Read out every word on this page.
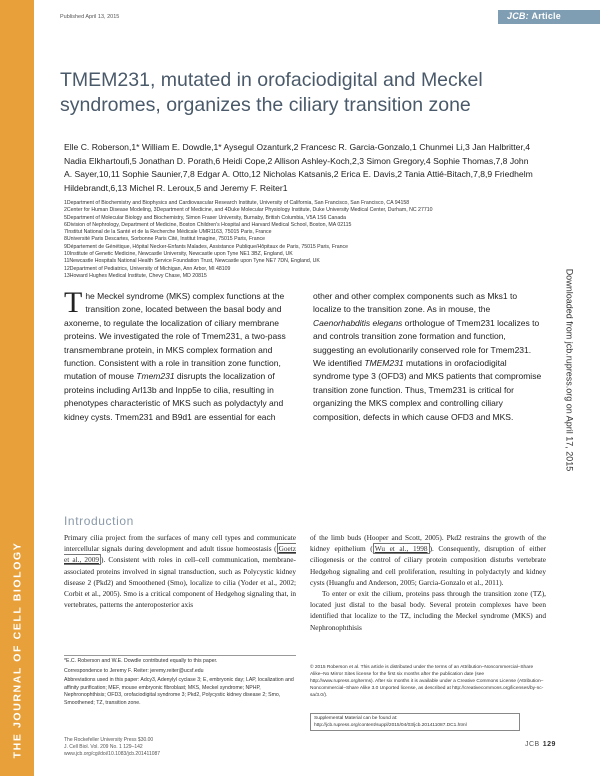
Published April 13, 2015	JCB: Article
THE JOURNAL OF CELL BIOLOGY
TMEM231, mutated in orofaciodigital and Meckel syndromes, organizes the ciliary transition zone
Elle C. Roberson,1* William E. Dowdle,1* Aysegul Ozanturk,2 Francesc R. Garcia-Gonzalo,1 Chunmei Li,3 Jan Halbritter,4 Nadia Elkhartoufi,5 Jonathan D. Porath,6 Heidi Cope,2 Allison Ashley-Koch,2,3 Simon Gregory,4 Sophie Thomas,7,8 John A. Sayer,10,11 Sophie Saunier,7,8 Edgar A. Otto,12 Nicholas Katsanis,2 Erica E. Davis,2 Tania Attié-Bitach,7,8,9 Friedhelm Hildebrandt,6,13 Michel R. Leroux,5 and Jeremy F. Reiter1
1Department of Biochemistry and Biophysics and Cardiovascular Research Institute, University of California, San Francisco, San Francisco, CA 94158
2Center for Human Disease Modeling, 3Department of Medicine, and 4Duke Molecular Physiology Institute, Duke University Medical Center, Durham, NC 27710
5Department of Molecular Biology and Biochemistry, Simon Fraser University, Burnaby, British Columbia, V5A 1S6 Canada
6Division of Nephrology, Department of Medicine, Boston Children's Hospital and Harvard Medical School, Boston, MA 02115
7Institut National de la Santé et de la Recherche Médicale UMR1163, 75015 Paris, France
8Université Paris Descartes, Sorbonne Paris Cité, Institut Imagine, 75015 Paris, France
9Département de Génétique, Hôpital Necker-Enfants Malades, Assistance Publique/Hôpitaux de Paris, 75015 Paris, France
10Institute of Genetic Medicine, Newcastle University, Newcastle upon Tyne NE1 3BZ, England, UK
11Newcastle Hospitals National Health Service Foundation Trust, Newcastle upon Tyne NE7 7DN, England, UK
12Department of Pediatrics, University of Michigan, Ann Arbor, MI 48109
13Howard Hughes Medical Institute, Chevy Chase, MD 20815	Downloaded from jcb.rupress.org on April 17, 2015
The Meckel syndrome (MKS) complex functions at the transition zone, located between the basal body and axoneme, to regulate the localization of ciliary membrane proteins. We investigated the role of Tmem231, a two-pass transmembrane protein, in MKS complex formation and function. Consistent with a role in transition zone function, mutation of mouse Tmem231 disrupts the localization of proteins including Arl13b and Inpp5e to cilia, resulting in phenotypes characteristic of MKS such as polydactyly and kidney cysts. Tmem231 and B9d1 are essential for each other and other complex components such as Mks1 to localize to the transition zone. As in mouse, the Caenorhabditis elegans orthologue of Tmem231 localizes to and controls transition zone formation and function, suggesting an evolutionarily conserved role for Tmem231. We identified TMEM231 mutations in orofaciodigital syndrome type 3 (OFD3) and MKS patients that compromise transition zone function. Thus, Tmem231 is critical for organizing the MKS complex and controlling ciliary composition, defects in which cause OFD3 and MKS.
Introduction
Primary cilia project from the surfaces of many cell types and communicate intercellular signals during development and adult tissue homeostasis ( Goetz et al., 2009 ). Consistent with roles in cell–cell communication, membrane-associated proteins involved in signal transduction, such as Polycystic kidney disease 2 (Pkd2) and Smoothened (Smo), localize to cilia (Yoder et al., 2002; Corbit et al., 2005). Smo is a critical component of Hedgehog signaling that, in vertebrates, patterns the anteroposterior axis
of the limb buds (Hooper and Scott, 2005). Pkd2 restrains the growth of the kidney epithelium ( Wu et al., 1998 ). Consequently, disruption of either ciliogenesis or the control of ciliary protein composition disturbs vertebrate Hedgehog signaling and cell proliferation, resulting in polydactyly and kidney cysts (Huangfu and Anderson, 2005; Garcia-Gonzalo et al., 2011).
To enter or exit the cilium, proteins pass through the transition zone (TZ), located just distal to the basal body. Several protein complexes have been identified that localize to the TZ, including the Meckel syndrome (MKS) and Nephronophthisis
*E.C. Roberson and W.E. Dowdle contributed equally to this paper.
Correspondence to Jeremy F. Reiter: jeremy.reiter@ucsf.edu
Abbreviations used in this paper: Adcy3, Adenylyl cyclase 3; E, embryonic day; LAP, localization and affinity purification; MEF, mouse embryonic fibroblast; MKS, Meckel syndrome; NPHP, Nephronophthisis; OFD3, orofaciodigital syndrome 3; Pkd2, Polycystic kidney disease 2; Smo, Smoothened; TZ, transition zone.
© 2015 Roberson et al. This article is distributed under the terms of an Attribution–Noncommercial–Share Alike–No Mirror Sites license for the first six months after the publication date (see http://www.rupress.org/terms). After six months it is available under a Creative Commons License (Attribution–Noncommercial–Share Alike 3.0 Unported license, as described at http://creativecommons.org/licenses/by-nc-sa/3.0/).
Supplemental Material can be found at:
http://jcb.rupress.org/content/suppl/2015/04/03/jcb.201411087.DC1.html
The Rockefeller University Press $30.00
J. Cell Biol. Vol. 209 No. 1 129–142
www.jcb.org/cgi/doi/10.1083/jcb.201411087
JCB 129
